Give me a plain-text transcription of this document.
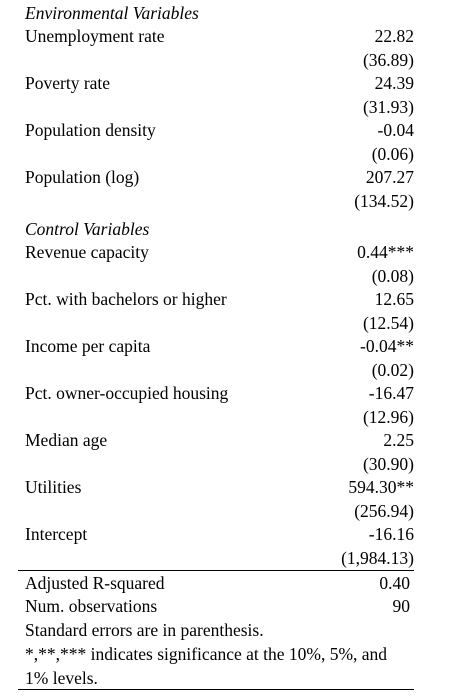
Environmental Variables
Unemployment rate	22.82
(36.89)
Poverty rate	24.39
(31.93)
Population density	-0.04
(0.06)
Population (log)	207.27
(134.52)
Control Variables
Revenue capacity	0.44***
(0.08)
Pct. with bachelors or higher	12.65
(12.54)
Income per capita	-0.04**
(0.02)
Pct. owner-occupied housing	-16.47
(12.96)
Median age	2.25
(30.90)
Utilities	594.30**
(256.94)
Intercept	-16.16
(1,984.13)
Adjusted R-squared	0.40
Num. observations	90
Standard errors are in parenthesis.
*,**,*** indicates significance at the 10%, 5%, and 1% levels.
